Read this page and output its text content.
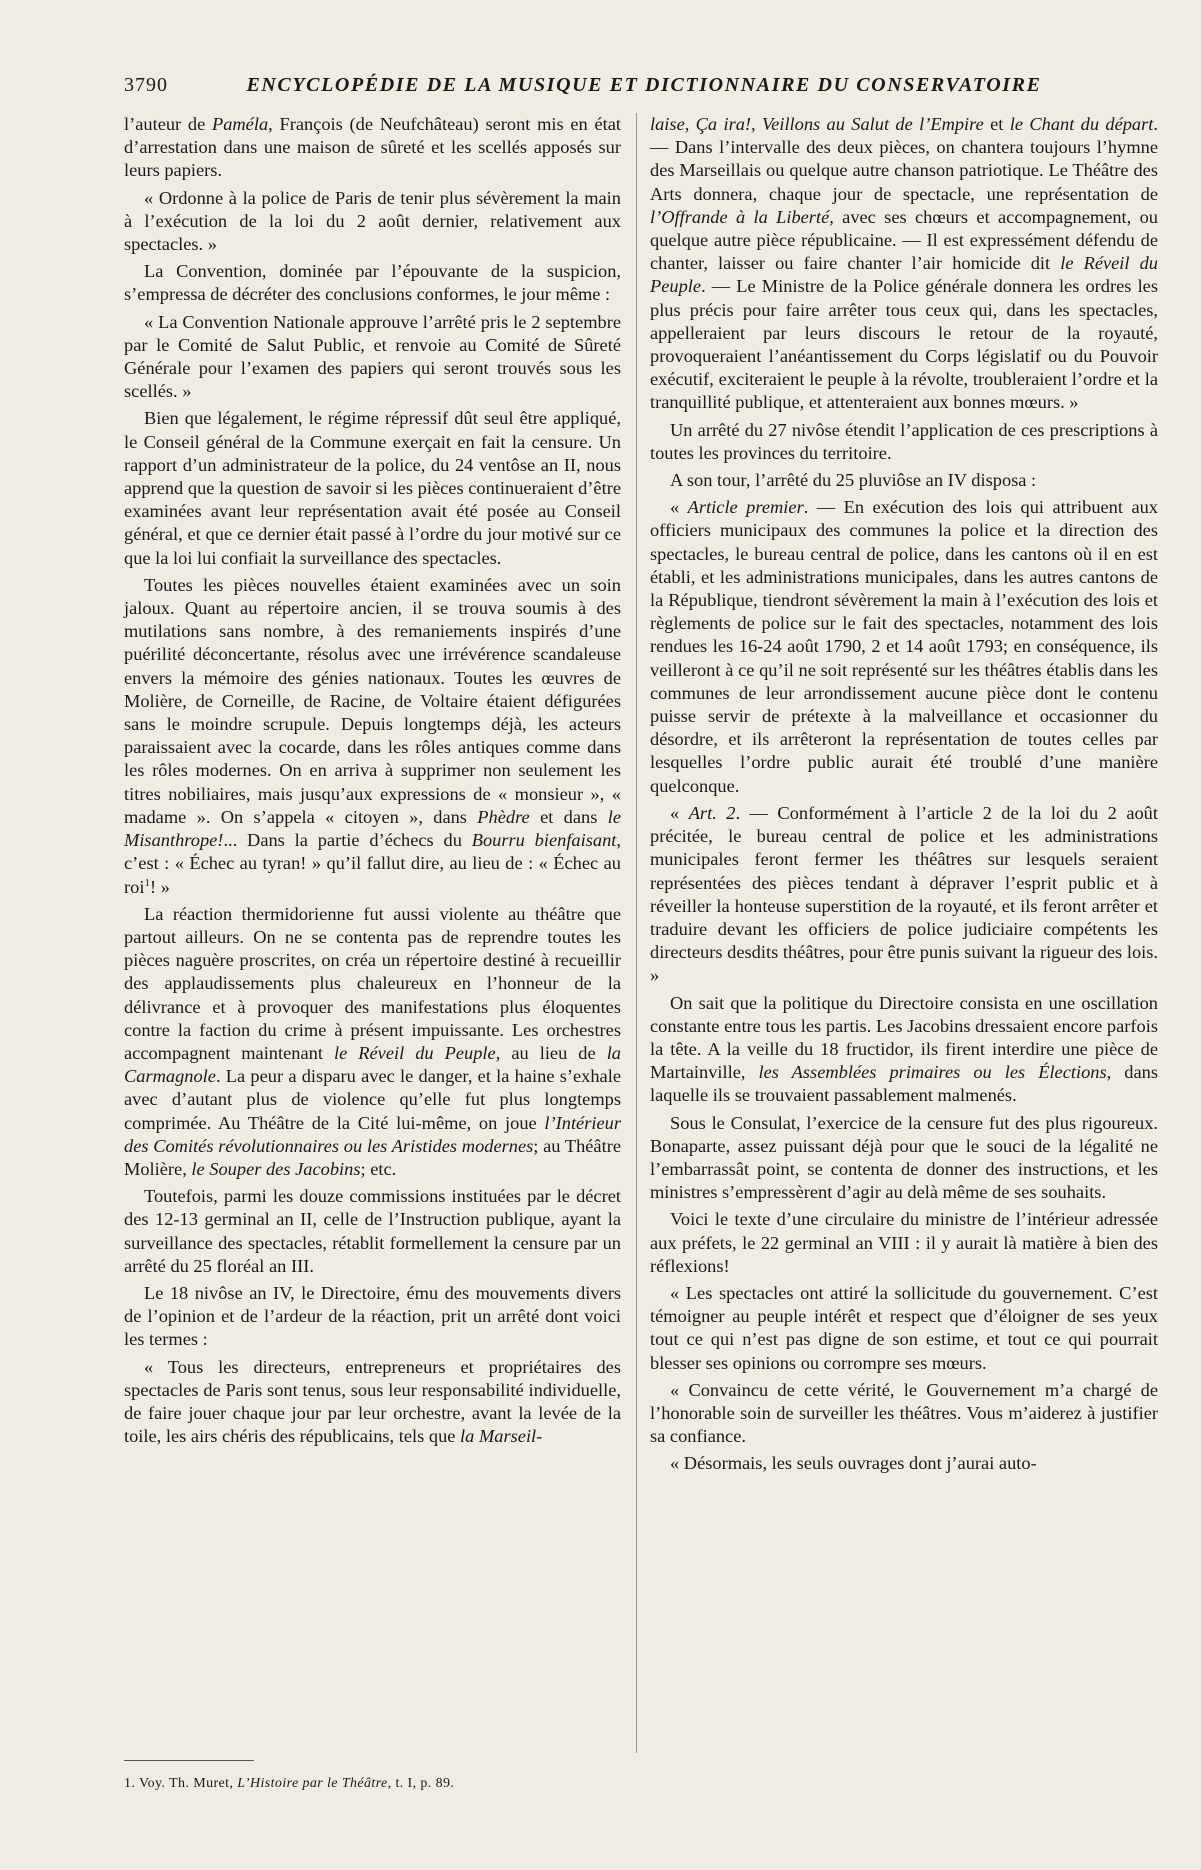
3790	ENCYCLOPÉDIE DE LA MUSIQUE ET DICTIONNAIRE DU CONSERVATOIRE

l’auteur de Paméla, François (de Neufchâteau) seront mis en état d’arrestation dans une maison de sûreté et les scellés apposés sur leurs papiers.

« Ordonne à la police de Paris de tenir plus sévèrement la main à l’exécution de la loi du 2 août dernier, relativement aux spectacles. »

La Convention, dominée par l’épouvante de la suspicion, s’empressa de décréter des conclusions conformes, le jour même :

« La Convention Nationale approuve l’arrêté pris le 2 septembre par le Comité de Salut Public, et renvoie au Comité de Sûreté Générale pour l’examen des papiers qui seront trouvés sous les scellés. »

Bien que légalement, le régime répressif dût seul être appliqué, le Conseil général de la Commune exerçait en fait la censure. Un rapport d’un administrateur de la police, du 24 ventôse an II, nous apprend que la question de savoir si les pièces continueraient d’être examinées avant leur représentation avait été posée au Conseil général, et que ce dernier était passé à l’ordre du jour motivé sur ce que la loi lui confiait la surveillance des spectacles.

Toutes les pièces nouvelles étaient examinées avec un soin jaloux. Quant au répertoire ancien, il se trouva soumis à des mutilations sans nombre, à des remaniements inspirés d’une puérilité déconcertante, résolus avec une irrévérence scandaleuse envers la mémoire des génies nationaux. Toutes les œuvres de Molière, de Corneille, de Racine, de Voltaire étaient défigurées sans le moindre scrupule. Depuis longtemps déjà, les acteurs paraissaient avec la cocarde, dans les rôles antiques comme dans les rôles modernes. On en arriva à supprimer non seulement les titres nobiliaires, mais jusqu’aux expressions de « monsieur », « madame ». On s’appela « citoyen », dans Phèdre et dans le Misanthrope!... Dans la partie d’échecs du Bourru bienfaisant, c’est : « Échec au tyran! » qu’il fallut dire, au lieu de : « Échec au roi$^1$! »

La réaction thermidorienne fut aussi violente au théâtre que partout ailleurs. On ne se contenta pas de reprendre toutes les pièces naguère proscrites, on créa un répertoire destiné à recueillir des applaudissements plus chaleureux en l’honneur de la délivrance et à provoquer des manifestations plus éloquentes contre la faction du crime à présent impuissante. Les orchestres accompagnent maintenant le Réveil du Peuple, au lieu de la Carmagnole. La peur a disparu avec le danger, et la haine s’exhale avec d’autant plus de violence qu’elle fut plus longtemps comprimée. Au Théâtre de la Cité lui-même, on joue l’Intérieur des Comités révolutionnaires ou les Aristides modernes; au Théâtre Molière, le Souper des Jacobins; etc.

Toutefois, parmi les douze commissions instituées par le décret des 12-13 germinal an II, celle de l’Instruction publique, ayant la surveillance des spectacles, rétablit formellement la censure par un arrêté du 25 floréal an III.

Le 18 nivôse an IV, le Directoire, ému des mouvements divers de l’opinion et de l’ardeur de la réaction, prit un arrêté dont voici les termes :

« Tous les directeurs, entrepreneurs et propriétaires des spectacles de Paris sont tenus, sous leur responsabilité individuelle, de faire jouer chaque jour par leur orchestre, avant la levée de la toile, les airs chéris des républicains, tels que la Marseil-

laise, Ça ira!, Veillons au Salut de l’Empire et le Chant du départ. — Dans l’intervalle des deux pièces, on chantera toujours l’hymne des Marseillais ou quelque autre chanson patriotique. Le Théâtre des Arts donnera, chaque jour de spectacle, une représentation de l’Offrande à la Liberté, avec ses chœurs et accompagnement, ou quelque autre pièce républicaine. — Il est expressément défendu de chanter, laisser ou faire chanter l’air homicide dit le Réveil du Peuple. — Le Ministre de la Police générale donnera les ordres les plus précis pour faire arrêter tous ceux qui, dans les spectacles, appelleraient par leurs discours le retour de la royauté, provoqueraient l’anéantissement du Corps législatif ou du Pouvoir exécutif, exciteraient le peuple à la révolte, troubleraient l’ordre et la tranquillité publique, et attenteraient aux bonnes mœurs. »

Un arrêté du 27 nivôse étendit l’application de ces prescriptions à toutes les provinces du territoire.

A son tour, l’arrêté du 25 pluviôse an IV disposa :

« Article premier. — En exécution des lois qui attribuent aux officiers municipaux des communes la police et la direction des spectacles, le bureau central de police, dans les cantons où il en est établi, et les administrations municipales, dans les autres cantons de la République, tiendront sévèrement la main à l’exécution des lois et règlements de police sur le fait des spectacles, notamment des lois rendues les 16-24 août 1790, 2 et 14 août 1793; en conséquence, ils veilleront à ce qu’il ne soit représenté sur les théâtres établis dans les communes de leur arrondissement aucune pièce dont le contenu puisse servir de prétexte à la malveillance et occasionner du désordre, et ils arrêteront la représentation de toutes celles par lesquelles l’ordre public aurait été troublé d’une manière quelconque.

« Art. 2. — Conformément à l’article 2 de la loi du 2 août précitée, le bureau central de police et les administrations municipales feront fermer les théâtres sur lesquels seraient représentées des pièces tendant à dépraver l’esprit public et à réveiller la honteuse superstition de la royauté, et ils feront arrêter et traduire devant les officiers de police judiciaire compétents les directeurs desdits théâtres, pour être punis suivant la rigueur des lois. »

On sait que la politique du Directoire consista en une oscillation constante entre tous les partis. Les Jacobins dressaient encore parfois la tête. A la veille du 18 fructidor, ils firent interdire une pièce de Martainville, les Assemblées primaires ou les Élections, dans laquelle ils se trouvaient passablement malmenés.

Sous le Consulat, l’exercice de la censure fut des plus rigoureux. Bonaparte, assez puissant déjà pour que le souci de la légalité ne l’embarrassât point, se contenta de donner des instructions, et les ministres s’empressèrent d’agir au delà même de ses souhaits.

Voici le texte d’une circulaire du ministre de l’intérieur adressée aux préfets, le 22 germinal an VIII : il y aurait là matière à bien des réflexions!

« Les spectacles ont attiré la sollicitude du gouvernement. C’est témoigner au peuple intérêt et respect que d’éloigner de ses yeux tout ce qui n’est pas digne de son estime, et tout ce qui pourrait blesser ses opinions ou corrompre ses mœurs.

« Convaincu de cette vérité, le Gouvernement m’a chargé de l’honorable soin de surveiller les théâtres. Vous m’aiderez à justifier sa confiance.

« Désormais, les seuls ouvrages dont j’aurai auto-

1. Voy. Th. Muret, L’Histoire par le Théâtre, t. I, p. 89.
